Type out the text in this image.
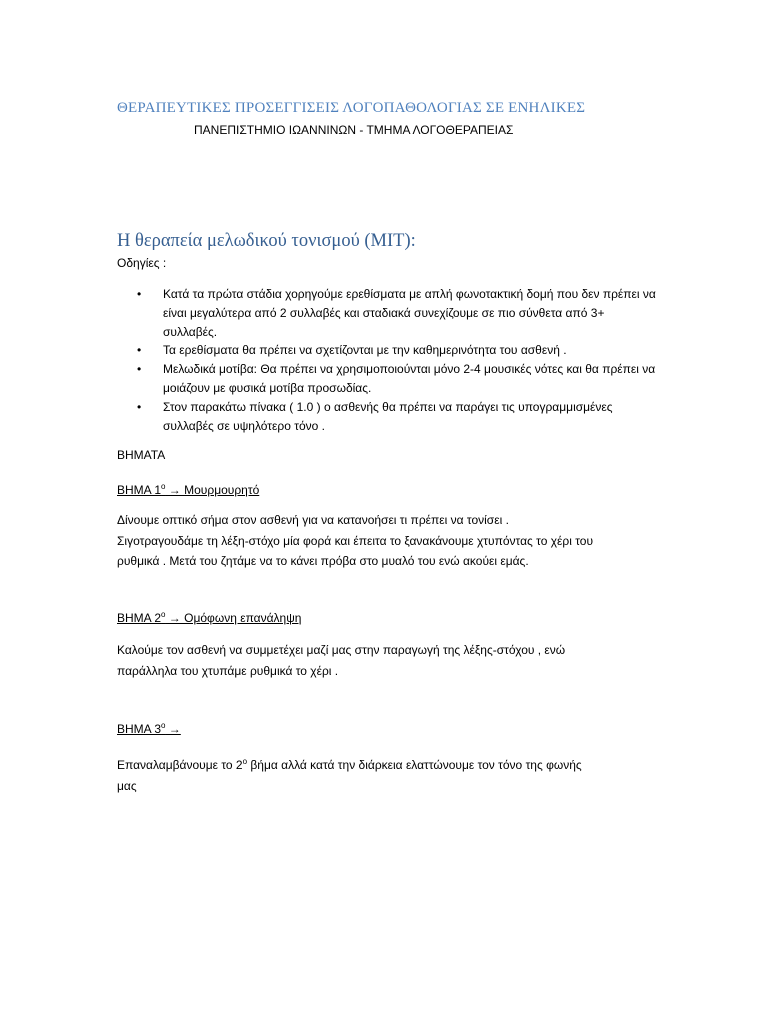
ΘΕΡΑΠΕΥΤΙΚΕΣ ΠΡΟΣΕΓΓΙΣΕΙΣ ΛΟΓΟΠΑΘΟΛΟΓΙΑΣ ΣΕ ΕΝΗΛΙΚΕΣ
ΠΑΝΕΠΙΣΤΗΜΙΟ ΙΩΑΝΝΙΝΩΝ - ΤΜΗΜΑ ΛΟΓΟΘΕΡΑΠΕΙΑΣ
Η θεραπεία μελωδικού τονισμού (MIT):
Οδηγίες :
• Κατά τα πρώτα στάδια χορηγούμε ερεθίσματα με απλή φωνοτακτική δομή που δεν πρέπει να είναι μεγαλύτερα από 2 συλλαβές και σταδιακά συνεχίζουμε σε πιο σύνθετα από 3+ συλλαβές.
• Τα ερεθίσματα θα πρέπει να σχετίζονται με την καθημερινότητα του ασθενή .
• Μελωδικά μοτίβα: Θα πρέπει να χρησιμοποιούνται μόνο 2-4 μουσικές νότες και θα πρέπει να μοιάζουν με φυσικά μοτίβα προσωδίας.
• Στον παρακάτω πίνακα ( 1.0 ) ο ασθενής θα πρέπει να παράγει τις υπογραμμισμένες συλλαβές σε υψηλότερο τόνο .
ΒΗΜΑΤΑ
ΒΗΜΑ $1^o \to Mo\upsilon\rho\mu o\upsilon\rho\eta\tau ό$
Δίνουμε οπτικό σήμα στον ασθενή για να κατανοήσει τι πρέπει να τονίσει .
Σιγοτραγουδάμε τη λέξη-στόχο μία φορά και έπειτα το ξανακάνουμε χτυπόντας το χέρι του
ρυθμικά . Μετά του ζητάμε να το κάνει πρόβα στο μυαλό του ενώ ακούει εμάς.
ΒΗΜΑ $2^o \to O\mu ό\varphi\omega\nu\eta$ επανάληψη
Καλούμε τον ασθενή να συμμετέχει μαζί μας στην παραγωγή της λέξης-στόχου , ενώ
παράλληλα του χτυπάμε ρυθμικά το χέρι .
ΒΗΜΑ $3^o$ →
Επαναλαμβάνουμε το $2^o$ βήμα αλλά κατά την διάρκεια ελαττώνουμε τον τόνο της φωνής
μας
